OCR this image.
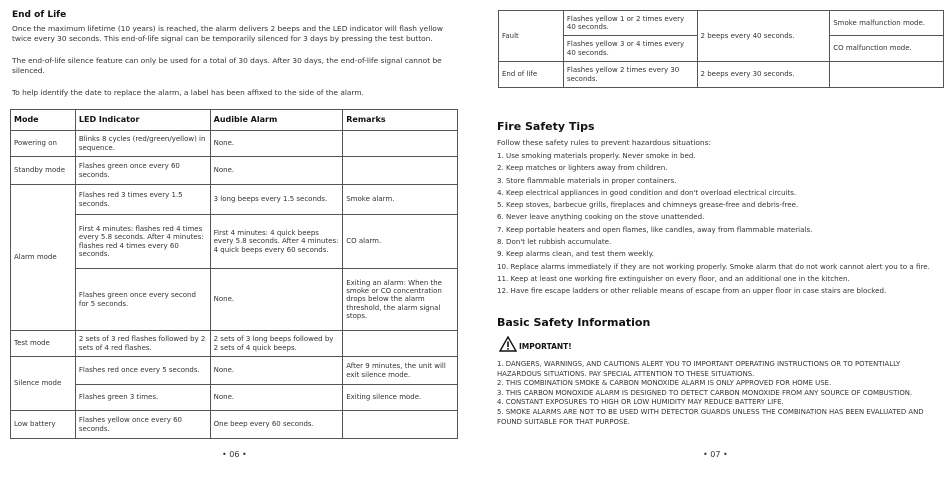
End of Life
Once the maximum lifetime (10 years) is reached, the alarm delivers 2 beeps and the LED indicator will flash yellow twice every 30 seconds. This end-of-life signal can be temporarily silenced for 3 days by pressing the test button.
The end-of-life silence feature can only be used for a total of 30 days. After 30 days, the end-of-life signal cannot be silenced.
To help identify the date to replace the alarm, a label has been affixed to the side of the alarm.
Mode	LED Indicator	Audible Alarm	Remarks
Powering on	Blinks 8 cycles (red/green/yellow) in sequence.	None.	
Standby mode	Flashes green once every 60 seconds.	None.	
Alarm mode	Flashes red 3 times every 1.5 seconds.	3 long beeps every 1.5 seconds.	Smoke alarm.
	First 4 minutes: flashes red 4 times every 5.8 seconds. After 4 minutes: flashes red 4 times every 60 seconds.	First 4 minutes: 4 quick beeps every 5.8 seconds. After 4 minutes: 4 quick beeps every 60 seconds.	CO alarm.
	Flashes green once every second for 5 seconds.	None.	Exiting an alarm: When the smoke or CO concentration drops below the alarm threshold, the alarm signal stops.
Test mode	2 sets of 3 red flashes followed by 2 sets of 4 red flashes.	2 sets of 3 long beeps followed by 2 sets of 4 quick beeps.	
Silence mode	Flashes red once every 5 seconds.	None.	After 9 minutes, the unit will exit silence mode.
	Flashes green 3 times.	None.	Exiting silence mode.
Low battery	Flashes yellow once every 60 seconds.	One beep every 60 seconds.	
• 06 •
Fault	Flashes yellow 1 or 2 times every 40 seconds.	2 beeps every 40 seconds.	Smoke malfunction mode.
	Flashes yellow 3 or 4 times every 40 seconds.		CO malfunction mode.
End of life	Flashes yellow 2 times every 30 seconds.	2 beeps every 30 seconds.	
Fire Safety Tips
Follow these safety rules to prevent hazardous situations:
1. Use smoking materials properly. Never smoke in bed.
2. Keep matches or lighters away from children.
3. Store flammable materials in proper containers.
4. Keep electrical appliances in good condition and don't overload electrical circuits.
5. Keep stoves, barbecue grills, fireplaces and chimneys grease-free and debris-free.
6. Never leave anything cooking on the stove unattended.
7. Keep portable heaters and open flames, like candles, away from flammable materials.
8. Don't let rubbish accumulate.
9. Keep alarms clean, and test them weekly.
10. Replace alarms immediately if they are not working properly. Smoke alarm that do not work cannot alert you to a fire.
11. Keep at least one working fire extinguisher on every floor, and an additional one in the kitchen.
12. Have fire escape ladders or other reliable means of escape from an upper floor in case stairs are blocked.
Basic Safety Information
IMPORTANT!
1. DANGERS, WARNINGS, AND CAUTIONS ALERT YOU TO IMPORTANT OPERATING INSTRUCTIONS OR TO POTENTIALLY HAZARDOUS SITUATIONS. PAY SPECIAL ATTENTION TO THESE SITUATIONS.
2. THIS COMBINATION SMOKE & CARBON MONOXIDE ALARM IS ONLY APPROVED FOR HOME USE.
3. THIS CARBON MONOXIDE ALARM IS DESIGNED TO DETECT CARBON MONOXIDE FROM ANY SOURCE OF COMBUSTION.
4. CONSTANT EXPOSURES TO HIGH OR LOW HUMIDITY MAY REDUCE BATTERY LIFE.
5. SMOKE ALARMS ARE NOT TO BE USED WITH DETECTOR GUARDS UNLESS THE COMBINATION HAS BEEN EVALUATED AND FOUND SUITABLE FOR THAT PURPOSE.
• 07 •
